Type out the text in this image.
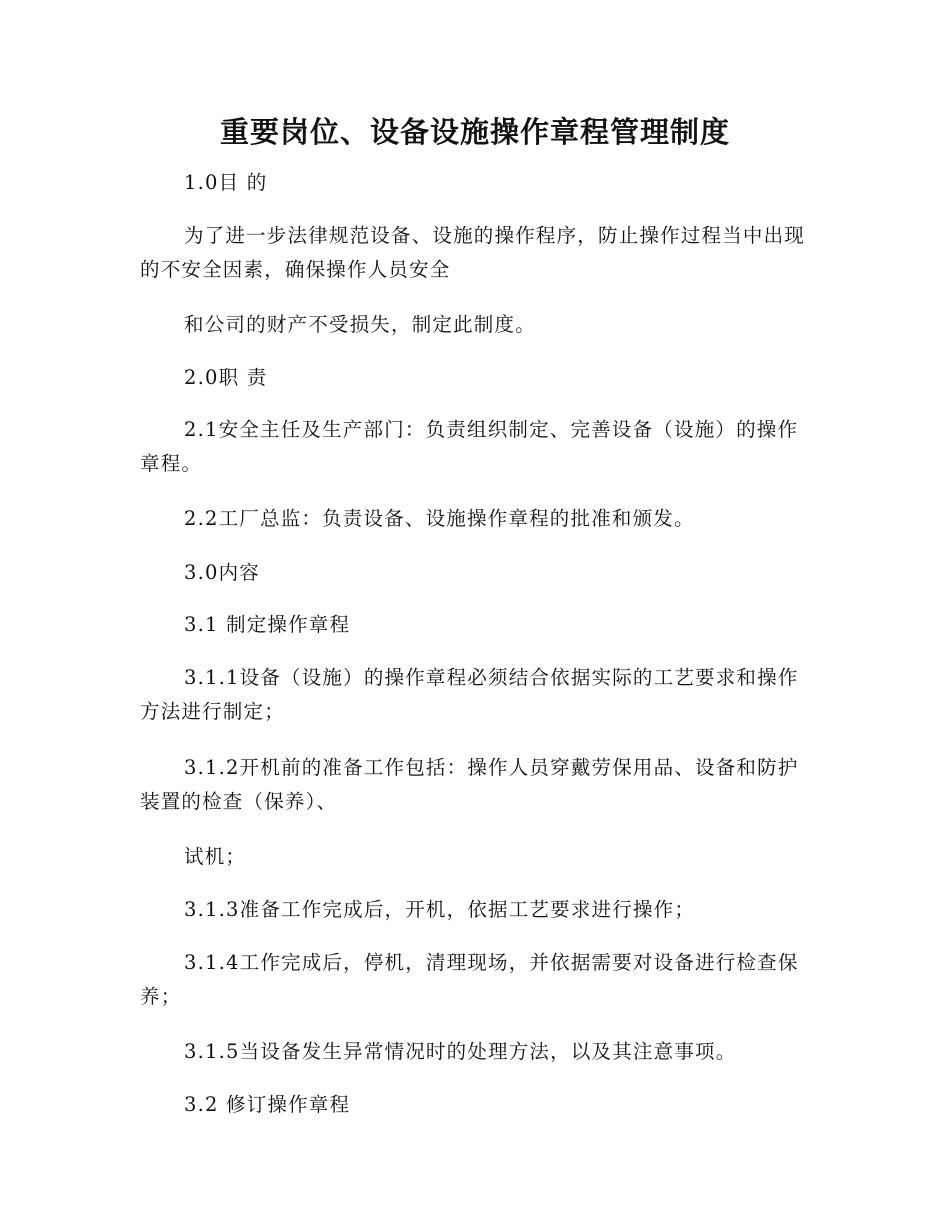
重要岗位、设备设施操作章程管理制度
1.0目 的
为了进一步法律规范设备、设施的操作程序，防止操作过程当中出现的不安全因素，确保操作人员安全
和公司的财产不受损失，制定此制度。
2.0职 责
2.1安全主任及生产部门：负责组织制定、完善设备（设施）的操作章程。
2.2工厂总监：负责设备、设施操作章程的批准和颁发。
3.0内容
3.1 制定操作章程
3.1.1设备（设施）的操作章程必须结合依据实际的工艺要求和操作方法进行制定；
3.1.2开机前的准备工作包括：操作人员穿戴劳保用品、设备和防护装置的检查（保养）、
试机；
3.1.3准备工作完成后，开机，依据工艺要求进行操作；
3.1.4工作完成后，停机，清理现场，并依据需要对设备进行检查保养；
3.1.5当设备发生异常情况时的处理方法，以及其注意事项。
3.2 修订操作章程
